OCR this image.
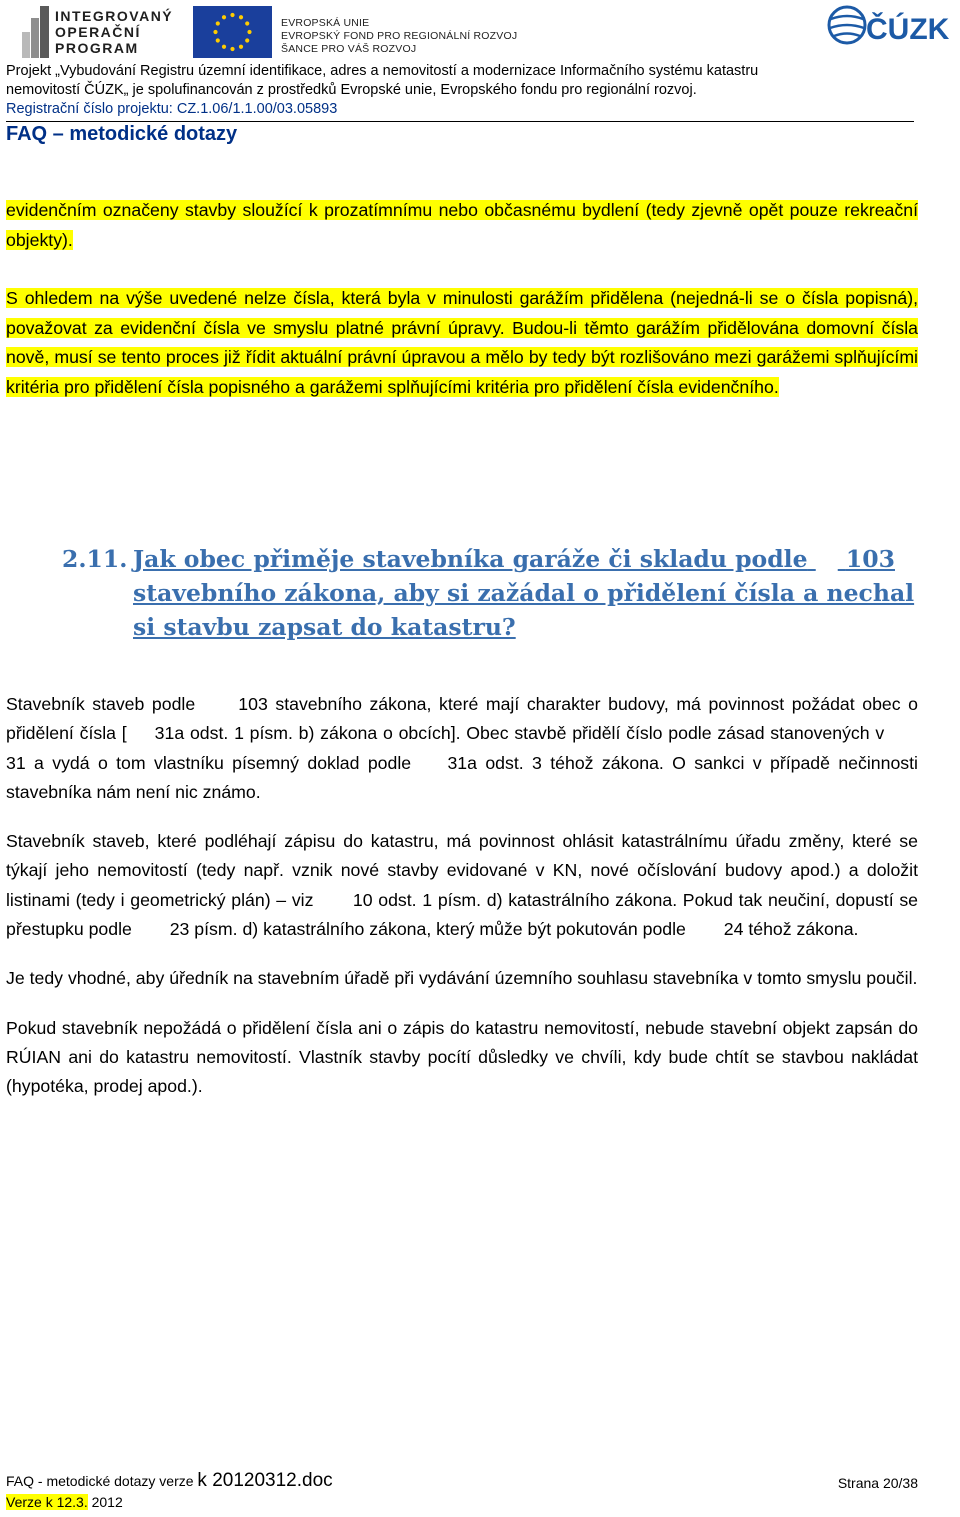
INTEGROVANÝ
OPERAČNÍ
PROGRAM
EVROPSKÁ UNIE
EVROPSKÝ FOND PRO REGIONÁLNÍ ROZVOJ
ŠANCE PRO VÁŠ ROZVOJ
ČÚZK
Projekt „Vybudování Registru územní identifikace, adres a nemovitostí a modernizace Informačního systému katastru
nemovitostí ČÚZK„ je spolufinancován z prostředků Evropské unie, Evropského fondu pro regionální rozvoj.
Registrační číslo projektu: CZ.1.06/1.1.00/03.05893
FAQ – metodické dotazy

evidenčním označeny stavby sloužící k prozatímnímu nebo občasnému bydlení (tedy zjevně opět pouze rekreační objekty).

S ohledem na výše uvedené nelze čísla, která byla v minulosti garážím přidělena (nejedná-li se o čísla popisná), považovat za evidenční čísla ve smyslu platné právní úpravy. Budou-li těmto garážím přidělována domovní čísla nově, musí se tento proces již řídit aktuální právní úpravou a mělo by tedy být rozlišováno mezi garážemi splňujícími kritéria pro přidělení čísla popisného a garážemi splňujícími kritéria pro přidělení čísla evidenčního.

2.11. Jak obec přiměje stavebníka garáže či skladu podle 103 stavebního zákona, aby si zažádal o přidělení čísla a nechal si stavbu zapsat do katastru?

Stavebník staveb podle 103 stavebního zákona, které mají charakter budovy, má povinnost požádat obec o přidělení čísla [ 31a odst. 1 písm. b) zákona o obcích]. Obec stavbě přidělí číslo podle zásad stanovených v   31 a vydá o tom vlastníku písemný doklad podle 31a odst. 3 téhož zákona. O sankci v případě nečinnosti stavebníka nám není nic známo.

Stavebník staveb, které podléhají zápisu do katastru, má povinnost ohlásit katastrálnímu úřadu změny, které se týkají jeho nemovitostí (tedy např. vznik nové stavby evidované v KN, nové očíslování budovy apod.) a doložit listinami (tedy i geometrický plán) – viz 10 odst. 1 písm. d) katastrálního zákona. Pokud tak neučiní, dopustí se přestupku podle 23 písm. d) katastrálního zákona, který může být pokutován podle 24 téhož zákona.

Je tedy vhodné, aby úředník na stavebním úřadě při vydávání územního souhlasu stavebníka v tomto smyslu poučil.

Pokud stavebník nepožádá o přidělení čísla ani o zápis do katastru nemovitostí, nebude stavební objekt zapsán do RÚIAN ani do katastru nemovitostí. Vlastník stavby pocítí důsledky ve chvíli, kdy bude chtít se stavbou nakládat (hypotéka, prodej apod.).

FAQ - metodické dotazy verze k 20120312.doc	Strana 20/38
Verze k 12.3. 2012
